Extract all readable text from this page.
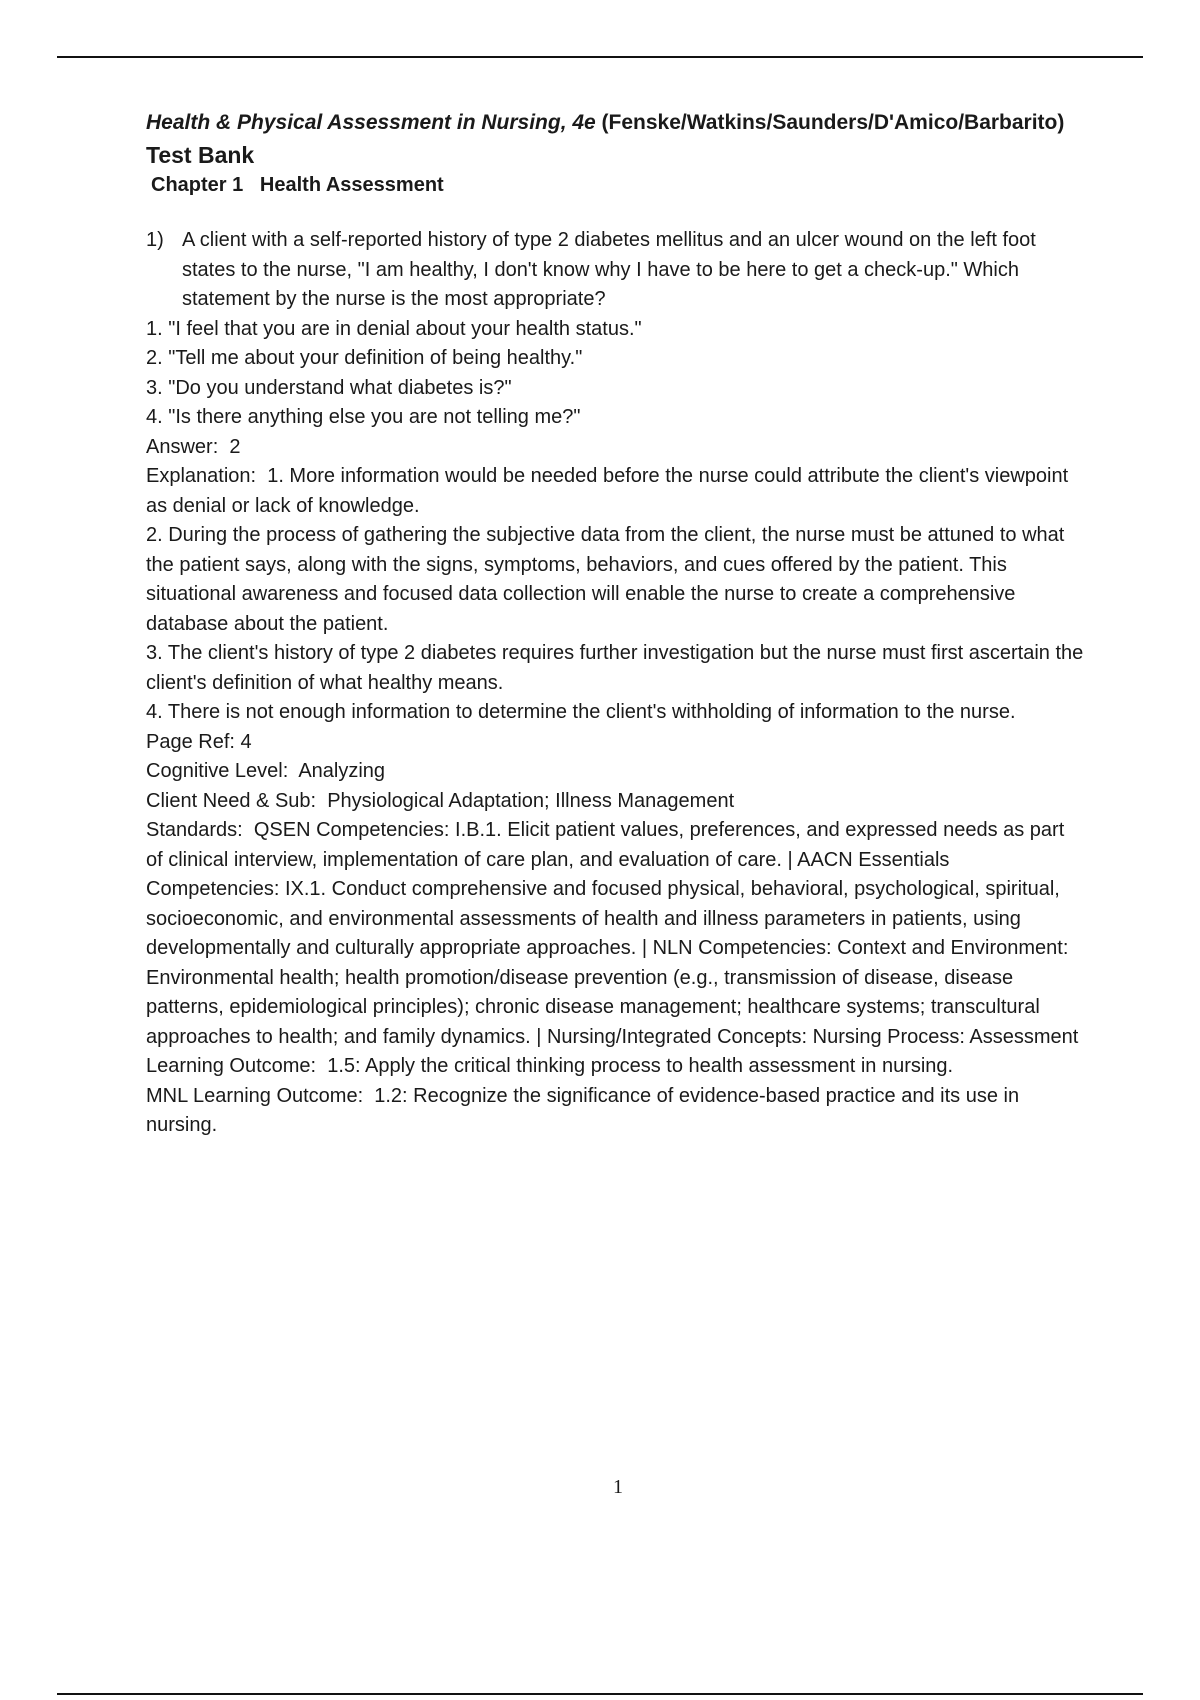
Health & Physical Assessment in Nursing, 4e (Fenske/Watkins/Saunders/D'Amico/Barbarito)
Test Bank
Chapter 1   Health Assessment
1) A client with a self-reported history of type 2 diabetes mellitus and an ulcer wound on the left foot states to the nurse, "I am healthy, I don't know why I have to be here to get a check-up." Which statement by the nurse is the most appropriate?
1. "I feel that you are in denial about your health status."
2. "Tell me about your definition of being healthy."
3. "Do you understand what diabetes is?"
4. "Is there anything else you are not telling me?"
Answer:  2
Explanation:  1. More information would be needed before the nurse could attribute the client's viewpoint as denial or lack of knowledge.
2. During the process of gathering the subjective data from the client, the nurse must be attuned to what the patient says, along with the signs, symptoms, behaviors, and cues offered by the patient. This situational awareness and focused data collection will enable the nurse to create a comprehensive database about the patient.
3. The client's history of type 2 diabetes requires further investigation but the nurse must first ascertain the client's definition of what healthy means.
4. There is not enough information to determine the client's withholding of information to the nurse.
Page Ref: 4
Cognitive Level:  Analyzing
Client Need & Sub:  Physiological Adaptation; Illness Management
Standards:  QSEN Competencies: I.B.1. Elicit patient values, preferences, and expressed needs as part of clinical interview, implementation of care plan, and evaluation of care. | AACN Essentials Competencies: IX.1. Conduct comprehensive and focused physical, behavioral, psychological, spiritual, socioeconomic, and environmental assessments of health and illness parameters in patients, using developmentally and culturally appropriate approaches. | NLN Competencies: Context and Environment: Environmental health; health promotion/disease prevention (e.g., transmission of disease, disease patterns, epidemiological principles); chronic disease management; healthcare systems; transcultural approaches to health; and family dynamics. | Nursing/Integrated Concepts: Nursing Process: Assessment
Learning Outcome:  1.5: Apply the critical thinking process to health assessment in nursing.
MNL Learning Outcome:  1.2: Recognize the significance of evidence-based practice and its use in nursing.
1
